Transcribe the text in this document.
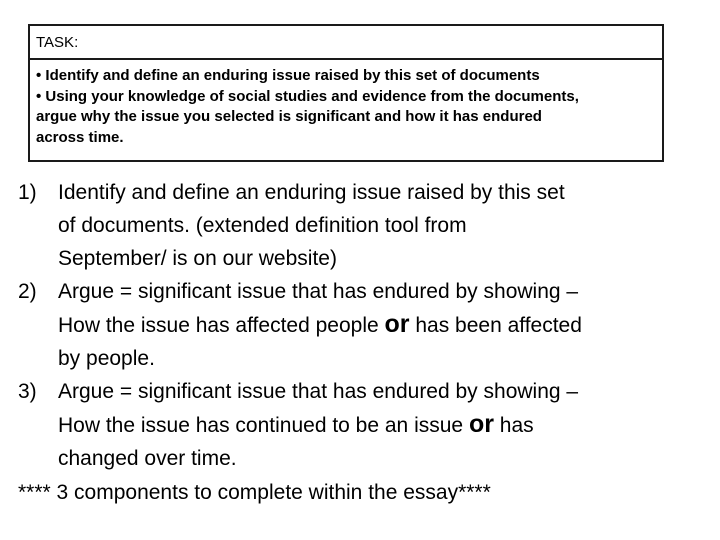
TASK:
• Identify and define an enduring issue raised by this set of documents
• Using your knowledge of social studies and evidence from the documents,
argue why the issue you selected is significant and how it has endured
across time.
1) Identify and define an enduring issue raised by this set
of documents. (extended definition tool from
September/ is on our website)
2) Argue = significant issue that has endured by showing –
How the issue has affected people or has been affected
by people.
3) Argue = significant issue that has endured by showing –
How the issue has continued to be an issue or has
changed over time.
**** 3 components to complete within the essay****
